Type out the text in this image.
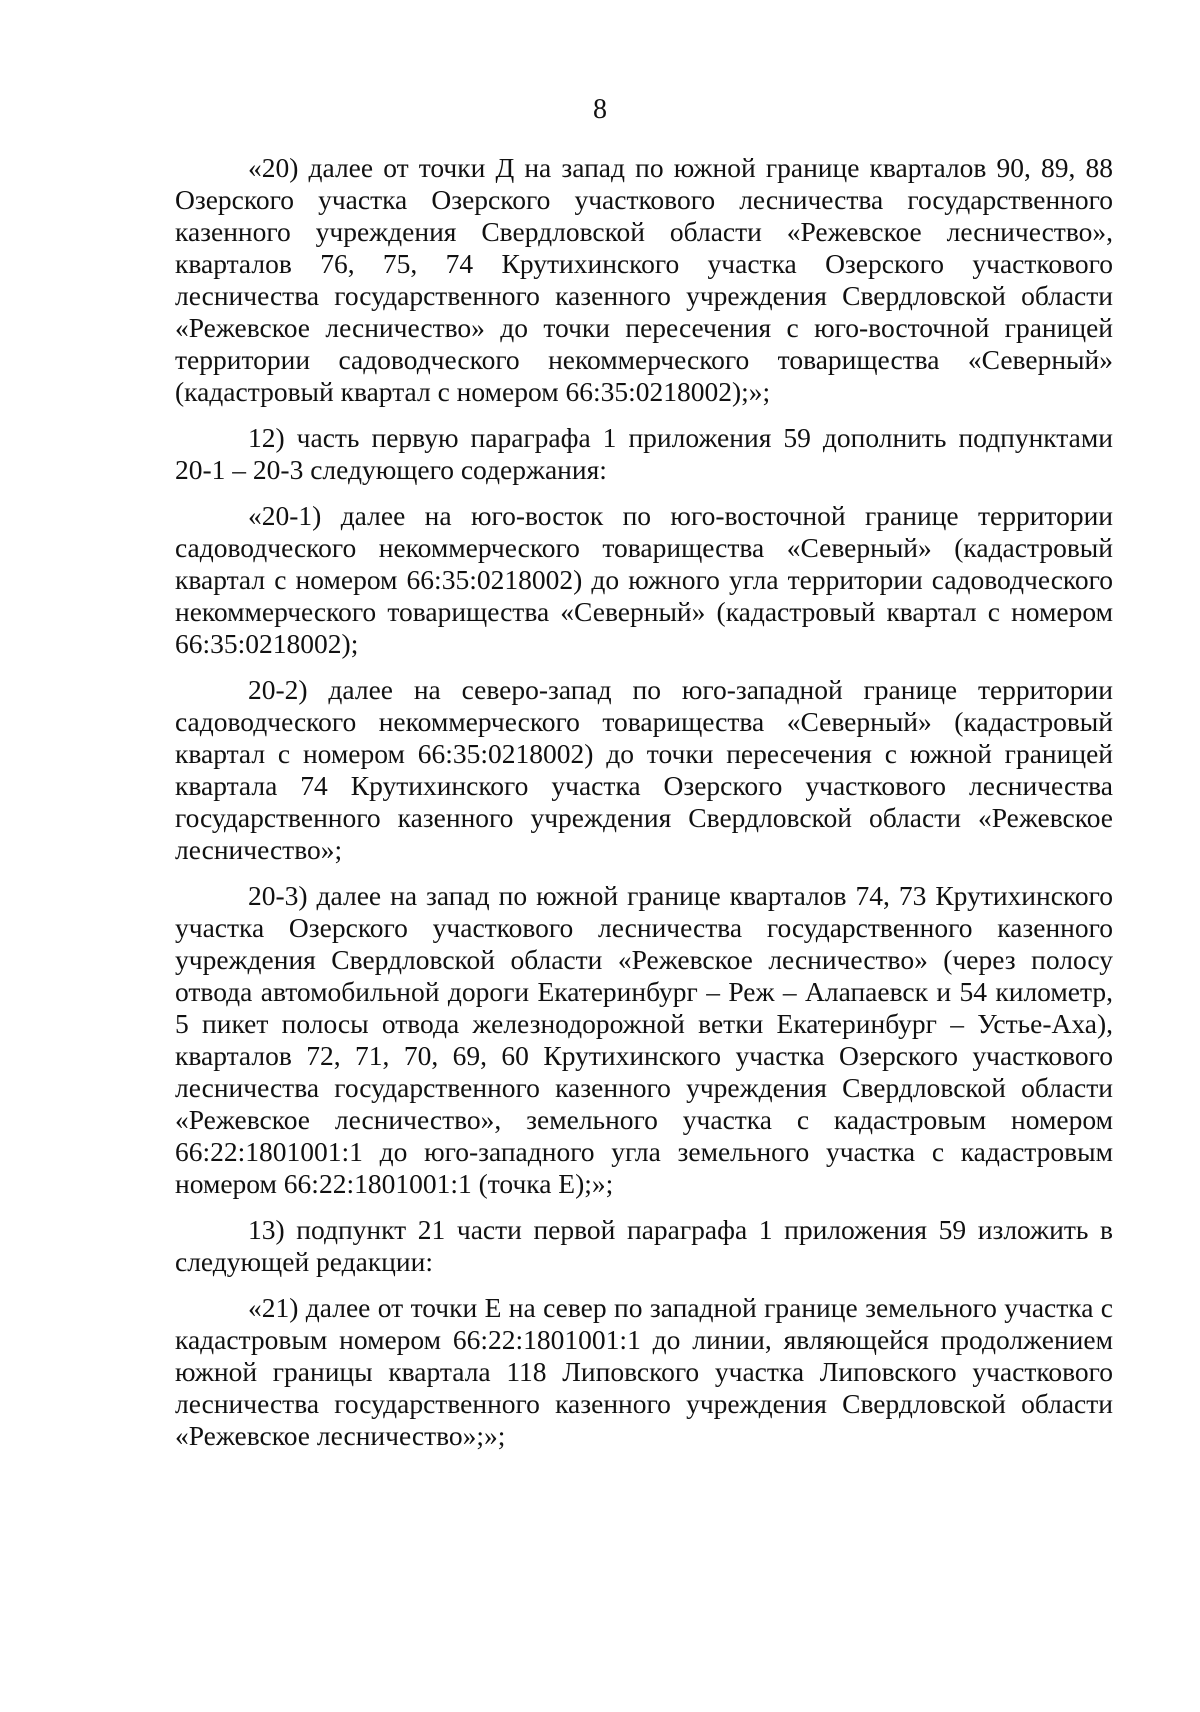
8

«20) далее от точки Д на запад по южной границе кварталов 90, 89, 88 Озерского участка Озерского участкового лесничества государственного казенного учреждения Свердловской области «Режевское лесничество», кварталов 76, 75, 74 Крутихинского участка Озерского участкового лесничества государственного казенного учреждения Свердловской области «Режевское лесничество» до точки пересечения с юго-восточной границей территории садоводческого некоммерческого товарищества «Северный» (кадастровый квартал с номером 66:35:0218002);»;

12) часть первую параграфа 1 приложения 59 дополнить подпунктами 20-1 – 20-3 следующего содержания:

«20-1) далее на юго-восток по юго-восточной границе территории садоводческого некоммерческого товарищества «Северный» (кадастровый квартал с номером 66:35:0218002) до южного угла территории садоводческого некоммерческого товарищества «Северный» (кадастровый квартал с номером 66:35:0218002);

20-2) далее на северо-запад по юго-западной границе территории садоводческого некоммерческого товарищества «Северный» (кадастровый квартал с номером 66:35:0218002) до точки пересечения с южной границей квартала 74 Крутихинского участка Озерского участкового лесничества государственного казенного учреждения Свердловской области «Режевское лесничество»;

20-3) далее на запад по южной границе кварталов 74, 73 Крутихинского участка Озерского участкового лесничества государственного казенного учреждения Свердловской области «Режевское лесничество» (через полосу отвода автомобильной дороги Екатеринбург – Реж – Алапаевск и 54 километр, 5 пикет полосы отвода железнодорожной ветки Екатеринбург – Устье-Аха), кварталов 72, 71, 70, 69, 60 Крутихинского участка Озерского участкового лесничества государственного казенного учреждения Свердловской области «Режевское лесничество», земельного участка с кадастровым номером 66:22:1801001:1 до юго-западного угла земельного участка с кадастровым номером 66:22:1801001:1 (точка Е);»;

13) подпункт 21 части первой параграфа 1 приложения 59 изложить в следующей редакции:

«21) далее от точки Е на север по западной границе земельного участка с кадастровым номером 66:22:1801001:1 до линии, являющейся продолжением южной границы квартала 118 Липовского участка Липовского участкового лесничества государственного казенного учреждения Свердловской области «Режевское лесничество»;»;
